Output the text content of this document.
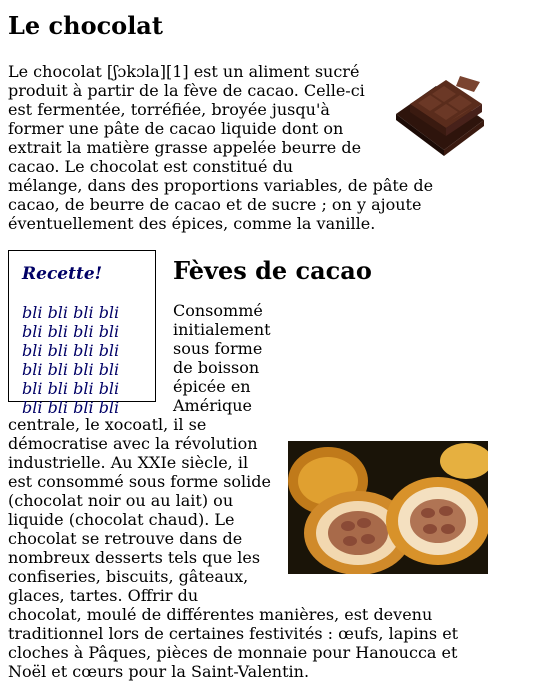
Le chocolat

Le chocolat [ʃɔkɔla][1] est un aliment sucré produit à partir de la fève de cacao. Celle-ci est fermentée, torréfiée, broyée jusqu'à former une pâte de cacao liquide dont on extrait la matière grasse appelée beurre de cacao. Le chocolat est constitué du mélange, dans des proportions variables, de pâte de cacao, de beurre de cacao et de sucre ; on y ajoute éventuellement des épices, comme la vanille.

Recette!
bli bli bli bli bli bli bli bli bli bli bli bli bli bli bli bli bli bli bli bli bli bli bli bli
Fèves de cacao
Consommé initialement sous forme de boisson épicée en Amérique centrale, le xocoatl, il se démocratise avec la révolution industrielle. Au XXIe siècle, il est consommé sous forme solide (chocolat noir ou au lait) ou liquide (chocolat chaud). Le chocolat se retrouve dans de nombreux desserts tels que les confiseries, biscuits, gâteaux, glaces, tartes. Offrir du chocolat, moulé de différentes manières, est devenu traditionnel lors de certaines festivités : œufs, lapins et cloches à Pâques, pièces de monnaie pour Hanoucca et Noël et cœurs pour la Saint-Valentin.
